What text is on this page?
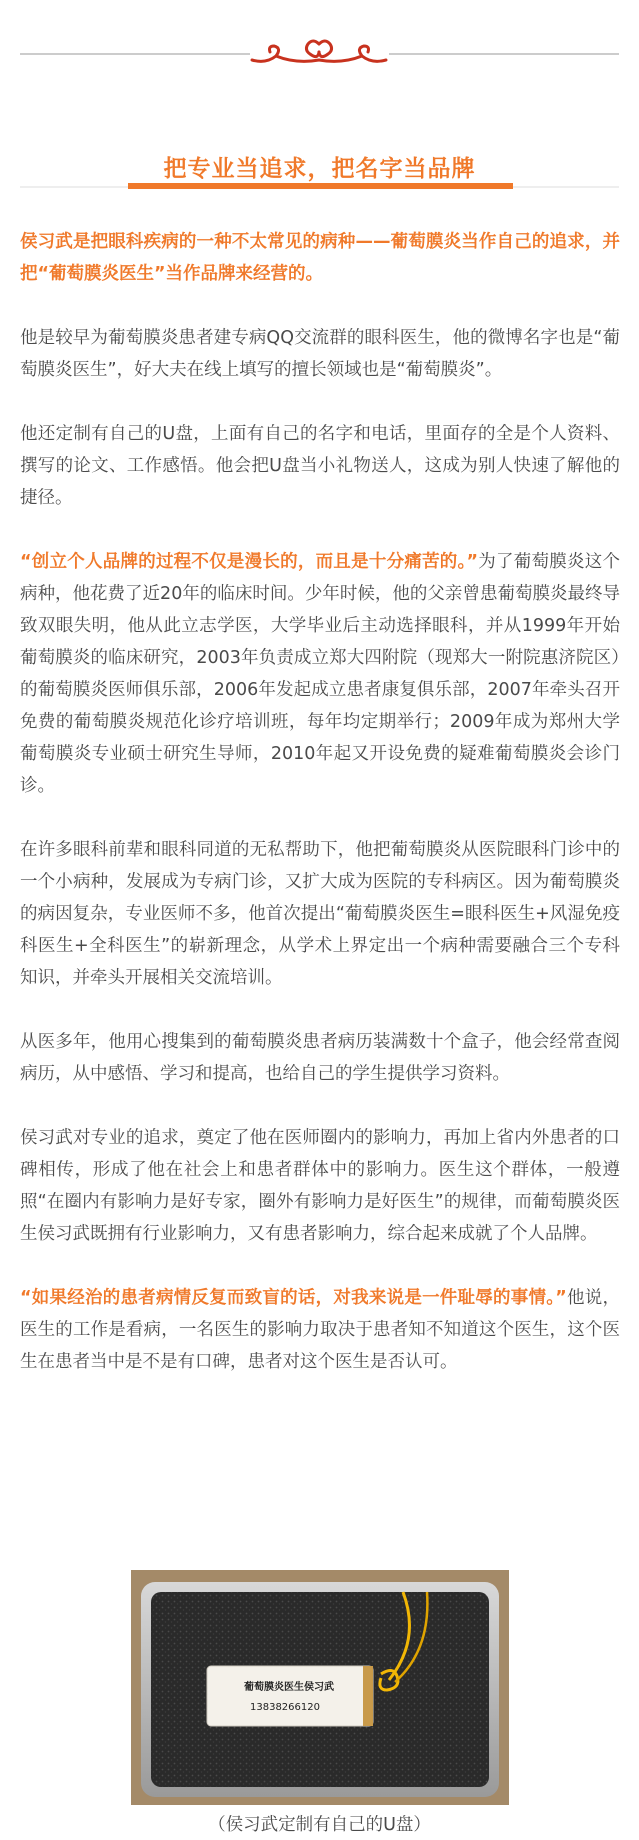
把专业当追求，把名字当品牌

侯习武是把眼科疾病的一种不太常见的病种——葡萄膜炎当作自己的追求，并把“葡萄膜炎医生”当作品牌来经营的。

他是较早为葡萄膜炎患者建专病QQ交流群的眼科医生，他的微博名字也是“葡萄膜炎医生”，好大夫在线上填写的擅长领域也是“葡萄膜炎”。

他还定制有自己的U盘，上面有自己的名字和电话，里面存的全是个人资料、撰写的论文、工作感悟。他会把U盘当小礼物送人，这成为别人快速了解他的捷径。

“创立个人品牌的过程不仅是漫长的，而且是十分痛苦的。”为了葡萄膜炎这个病种，他花费了近20年的临床时间。少年时候，他的父亲曾患葡萄膜炎最终导致双眼失明，他从此立志学医，大学毕业后主动选择眼科，并从1999年开始葡萄膜炎的临床研究，2003年负责成立郑大四附院（现郑大一附院惠济院区）的葡萄膜炎医师俱乐部，2006年发起成立患者康复俱乐部，2007年牵头召开免费的葡萄膜炎规范化诊疗培训班，每年均定期举行；2009年成为郑州大学葡萄膜炎专业硕士研究生导师，2010年起又开设免费的疑难葡萄膜炎会诊门诊。

在许多眼科前辈和眼科同道的无私帮助下，他把葡萄膜炎从医院眼科门诊中的一个小病种，发展成为专病门诊，又扩大成为医院的专科病区。因为葡萄膜炎的病因复杂，专业医师不多，他首次提出“葡萄膜炎医生=眼科医生+风湿免疫科医生+全科医生”的崭新理念，从学术上界定出一个病种需要融合三个专科知识，并牵头开展相关交流培训。

从医多年，他用心搜集到的葡萄膜炎患者病历装满数十个盒子，他会经常查阅病历，从中感悟、学习和提高，也给自己的学生提供学习资料。

侯习武对专业的追求，奠定了他在医师圈内的影响力，再加上省内外患者的口碑相传，形成了他在社会上和患者群体中的影响力。医生这个群体，一般遵照“在圈内有影响力是好专家，圈外有影响力是好医生”的规律，而葡萄膜炎医生侯习武既拥有行业影响力，又有患者影响力，综合起来成就了个人品牌。

“如果经治的患者病情反复而致盲的话，对我来说是一件耻辱的事情。”他说，医生的工作是看病，一名医生的影响力取决于患者知不知道这个医生，这个医生在患者当中是不是有口碑，患者对这个医生是否认可。

葡萄膜炎医生侯习武
13838266120
（侯习武定制有自己的U盘）
